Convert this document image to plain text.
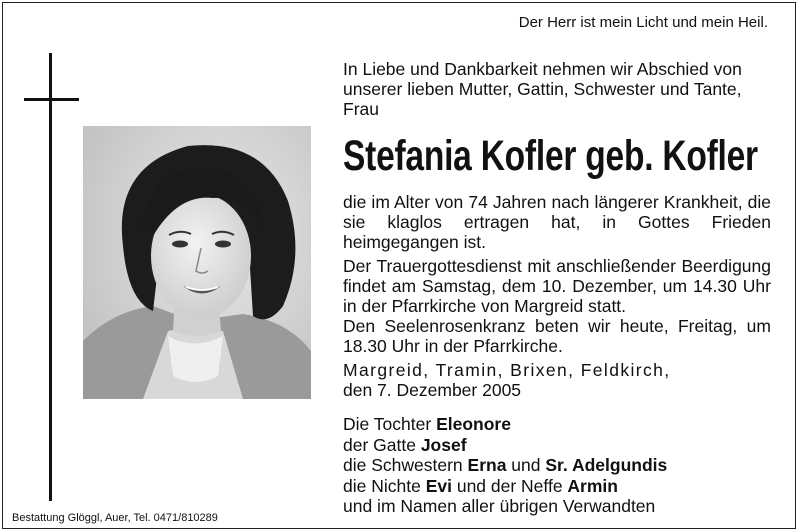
Der Herr ist mein Licht und mein Heil.
In Liebe und Dankbarkeit nehmen wir Abschied von unserer lieben Mutter, Gattin, Schwester und Tante, Frau
Stefania Kofler geb. Kofler
die im Alter von 74 Jahren nach längerer Krankheit, die sie klaglos ertragen hat, in Gottes Frieden heimgegangen ist.
Der Trauergottesdienst mit anschließender Beerdigung findet am Samstag, dem 10. Dezember, um 14.30 Uhr in der Pfarrkirche von Margreid statt.
Den Seelenrosenkranz beten wir heute, Freitag, um 18.30 Uhr in der Pfarrkirche.
Margreid, Tramin, Brixen, Feldkirch,
den 7. Dezember 2005
Die Tochter Eleonore
der Gatte Josef
die Schwestern Erna und Sr. Adelgundis
die Nichte Evi und der Neffe Armin
und im Namen aller übrigen Verwandten
Bestattung Glöggl, Auer, Tel. 0471/810289
